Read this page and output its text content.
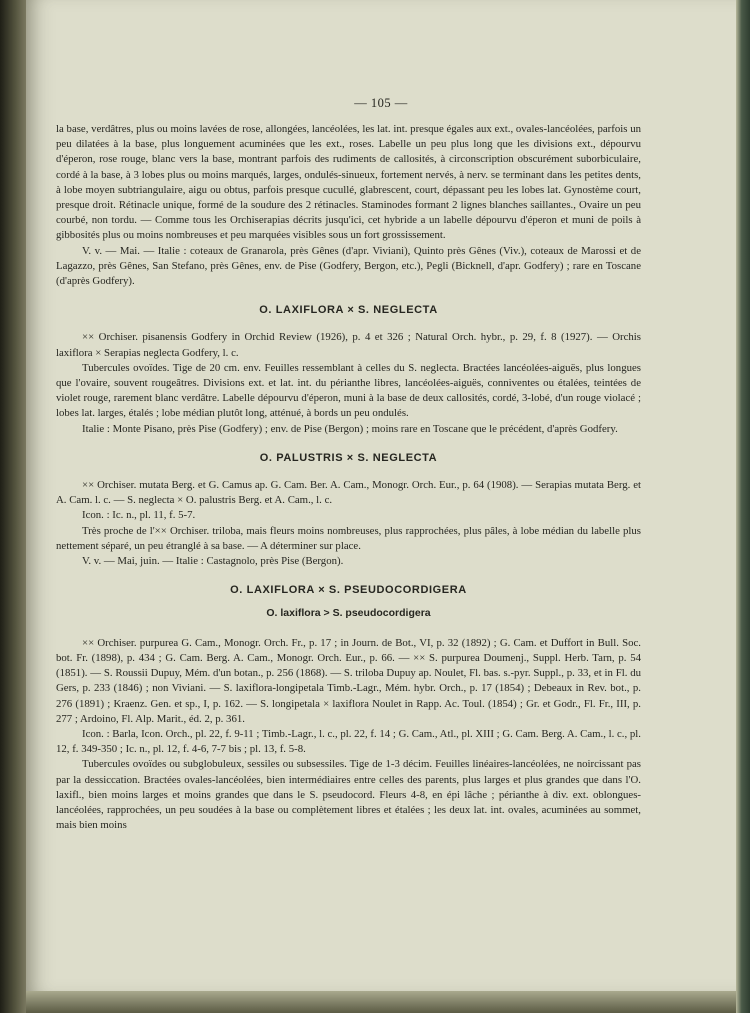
— 105 —

la base, verdâtres, plus ou moins lavées de rose, allongées, lancéolées, les lat. int. presque égales aux ext., ovales-lancéolées, parfois un peu dilatées à la base, plus longuement acuminées que les ext., roses. Labelle un peu plus long que les divisions ext., dépourvu d'éperon, rose rouge, blanc vers la base, montrant parfois des rudiments de callosités, à circonscription obscurément suborbiculaire, cordé à la base, à 3 lobes plus ou moins marqués, larges, ondulés-sinueux, fortement nervés, à nerv. se terminant dans les petites dents, à lobe moyen subtriangulaire, aigu ou obtus, parfois presque cucullé, glabrescent, court, dépassant peu les lobes lat. Gynostème court, presque droit. Rétinacle unique, formé de la soudure des 2 rétinacles. Staminodes formant 2 lignes blanches saillantes., Ovaire un peu courbé, non tordu. — Comme tous les Orchiserapias décrits jusqu'ici, cet hybride a un labelle dépourvu d'éperon et muni de poils à gibbosités plus ou moins nombreuses et peu marquées visibles sous un fort grossissement.

V. v. — Mai. — Italie : coteaux de Granarola, près Gênes (d'apr. Viviani), Quinto près Gênes (Viv.), coteaux de Marossi et de Lagazzo, près Gênes, San Stefano, près Gênes, env. de Pise (Godfery, Bergon, etc.), Pegli (Bicknell, d'apr. Godfery) ; rare en Toscane (d'après Godfery).

O. LAXIFLORA × S. NEGLECTA

×× Orchiser. pisanensis Godfery in Orchid Review (1926), p. 4 et 326 ; Natural Orch. hybr., p. 29, f. 8 (1927). — Orchis laxiflora × Serapias neglecta Godfery, l. c.

Tubercules ovoïdes. Tige de 20 cm. env. Feuilles ressemblant à celles du S. neglecta. Bractées lancéolées-aiguës, plus longues que l'ovaire, souvent rougeâtres. Divisions ext. et lat. int. du périanthe libres, lancéolées-aiguës, conniventes ou étalées, teintées de violet rouge, rarement blanc verdâtre. Labelle dépourvu d'éperon, muni à la base de deux callosités, cordé, 3-lobé, d'un rouge violacé ; lobes lat. larges, étalés ; lobe médian plutôt long, atténué, à bords un peu ondulés.

Italie : Monte Pisano, près Pise (Godfery) ; env. de Pise (Bergon) ; moins rare en Toscane que le précédent, d'après Godfery.

O. PALUSTRIS × S. NEGLECTA

×× Orchiser. mutata Berg. et G. Camus ap. G. Cam. Ber. A. Cam., Monogr. Orch. Eur., p. 64 (1908). — Serapias mutata Berg. et A. Cam. l. c. — S. neglecta × O. palustris Berg. et A. Cam., l. c.

Icon. : Ic. n., pl. 11, f. 5-7.

Très proche de l'×× Orchiser. triloba, mais fleurs moins nombreuses, plus rapprochées, plus pâles, à lobe médian du labelle plus nettement séparé, un peu étranglé à sa base. — A déterminer sur place.

V. v. — Mai, juin. — Italie : Castagnolo, près Pise (Bergon).

O. LAXIFLORA × S. PSEUDOCORDIGERA
O. laxiflora > S. pseudocordigera

×× Orchiser. purpurea G. Cam., Monogr. Orch. Fr., p. 17 ; in Journ. de Bot., VI, p. 32 (1892) ; G. Cam. et Duffort in Bull. Soc. bot. Fr. (1898), p. 434 ; G. Cam. Berg. A. Cam., Monogr. Orch. Eur., p. 66. — ×× S. purpurea Doumenj., Suppl. Herb. Tarn, p. 54 (1851). — S. Roussii Dupuy, Mém. d'un botan., p. 256 (1868). — S. triloba Dupuy ap. Noulet, Fl. bas. s.-pyr. Suppl., p. 33, et in Fl. du Gers, p. 233 (1846) ; non Viviani. — S. laxiflora-longipetala Timb.-Lagr., Mém. hybr. Orch., p. 17 (1854) ; Debeaux in Rev. bot., p. 276 (1891) ; Kraenz. Gen. et sp., I, p. 162. — S. longipetala × laxiflora Noulet in Rapp. Ac. Toul. (1854) ; Gr. et Godr., Fl. Fr., III, p. 277 ; Ardoino, Fl. Alp. Marit., éd. 2, p. 361.

Icon. : Barla, Icon. Orch., pl. 22, f. 9-11 ; Timb.-Lagr., l. c., pl. 22, f. 14 ; G. Cam., Atl., pl. XIII ; G. Cam. Berg. A. Cam., l. c., pl. 12, f. 349-350 ; Ic. n., pl. 12, f. 4-6, 7-7 bis ; pl. 13, f. 5-8.

Tubercules ovoïdes ou subglobuleux, sessiles ou subsessiles. Tige de 1-3 décim. Feuilles linéaires-lancéolées, ne noircissant pas par la dessiccation. Bractées ovales-lancéolées, bien intermédiaires entre celles des parents, plus larges et plus grandes que dans l'O. laxifl., bien moins larges et moins grandes que dans le S. pseudocord. Fleurs 4-8, en épi lâche ; périanthe à div. ext. oblongues-lancéolées, rapprochées, un peu soudées à la base ou complètement libres et étalées ; les deux lat. int. ovales, acuminées au sommet, mais bien moins
